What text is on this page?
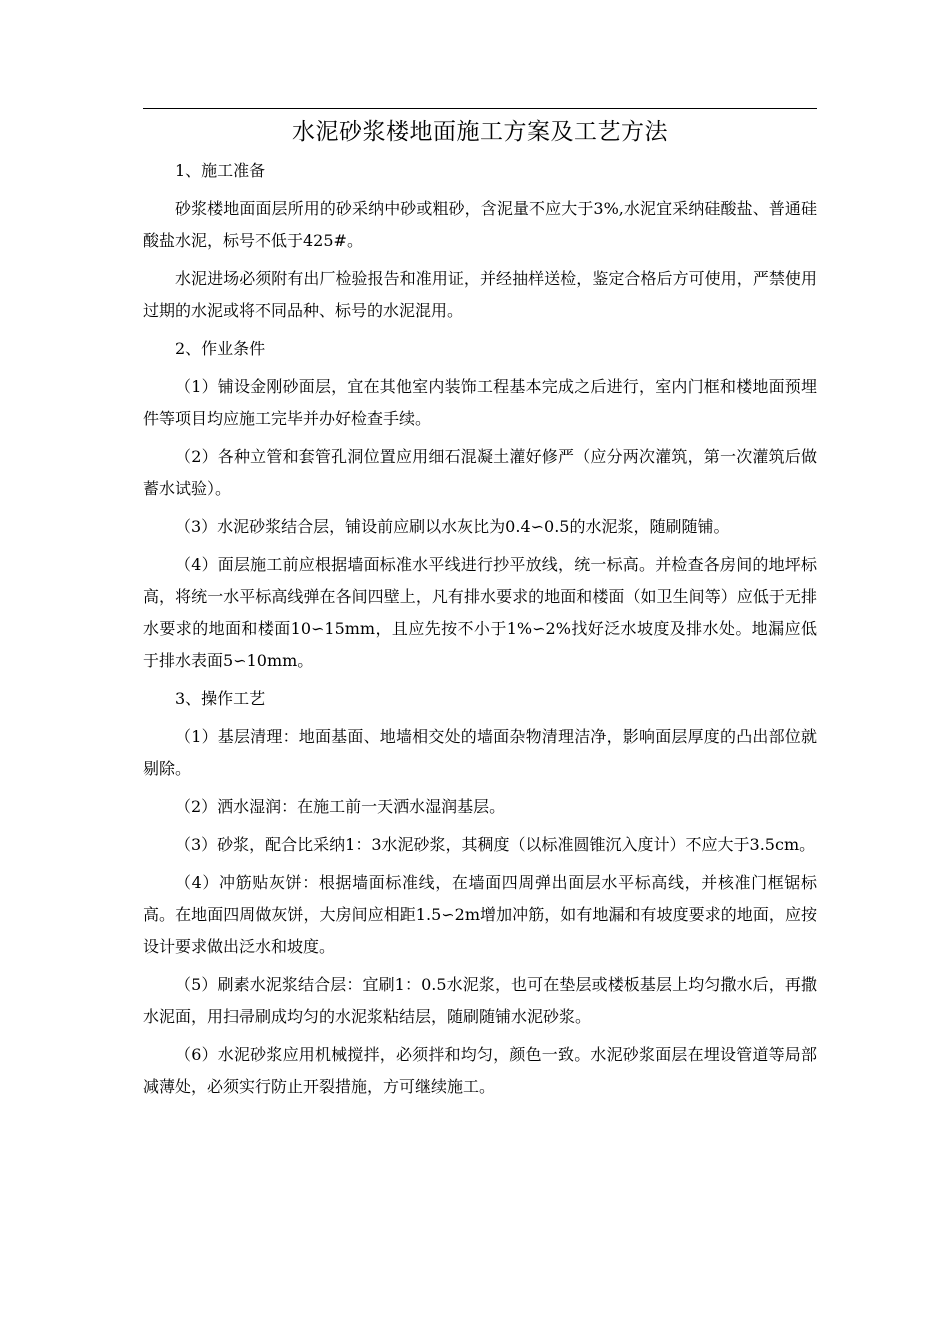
水泥砂浆楼地面施工方案及工艺方法

1、施工准备

砂浆楼地面面层所用的砂采纳中砂或粗砂，含泥量不应大于3%,水泥宜采纳硅酸盐、普通硅酸盐水泥，标号不低于425#。

水泥进场必须附有出厂检验报告和准用证，并经抽样送检，鉴定合格后方可使用，严禁使用过期的水泥或将不同品种、标号的水泥混用。

2、作业条件

（1）铺设金刚砂面层，宜在其他室内装饰工程基本完成之后进行，室内门框和楼地面预埋件等项目均应施工完毕并办好检查手续。

（2）各种立管和套管孔洞位置应用细石混凝土灌好修严（应分两次灌筑，第一次灌筑后做蓄水试验）。

（3）水泥砂浆结合层，铺设前应刷以水灰比为0.4∽0.5的水泥浆，随刷随铺。

（4）面层施工前应根据墙面标准水平线进行抄平放线，统一标高。并检查各房间的地坪标高，将统一水平标高线弹在各间四壁上，凡有排水要求的地面和楼面（如卫生间等）应低于无排水要求的地面和楼面10∽15mm，且应先按不小于1%∽2%找好泛水坡度及排水处。地漏应低于排水表面5∽10mm。

3、操作工艺

（1）基层清理：地面基面、地墙相交处的墙面杂物清理洁净，影响面层厚度的凸出部位就剔除。

（2）洒水湿润：在施工前一天洒水湿润基层。

（3）砂浆，配合比采纳1：3水泥砂浆，其稠度（以标准圆锥沉入度计）不应大于3.5cm。

（4）冲筋贴灰饼：根据墙面标准线，在墙面四周弹出面层水平标高线，并核准门框锯标高。在地面四周做灰饼，大房间应相距1.5∽2m增加冲筋，如有地漏和有坡度要求的地面，应按设计要求做出泛水和坡度。

（5）刷素水泥浆结合层：宜刷1：0.5水泥浆，也可在垫层或楼板基层上均匀撒水后，再撒水泥面，用扫帚刷成均匀的水泥浆粘结层，随刷随铺水泥砂浆。

（6）水泥砂浆应用机械搅拌，必须拌和均匀，颜色一致。水泥砂浆面层在埋设管道等局部减薄处，必须实行防止开裂措施，方可继续施工。
